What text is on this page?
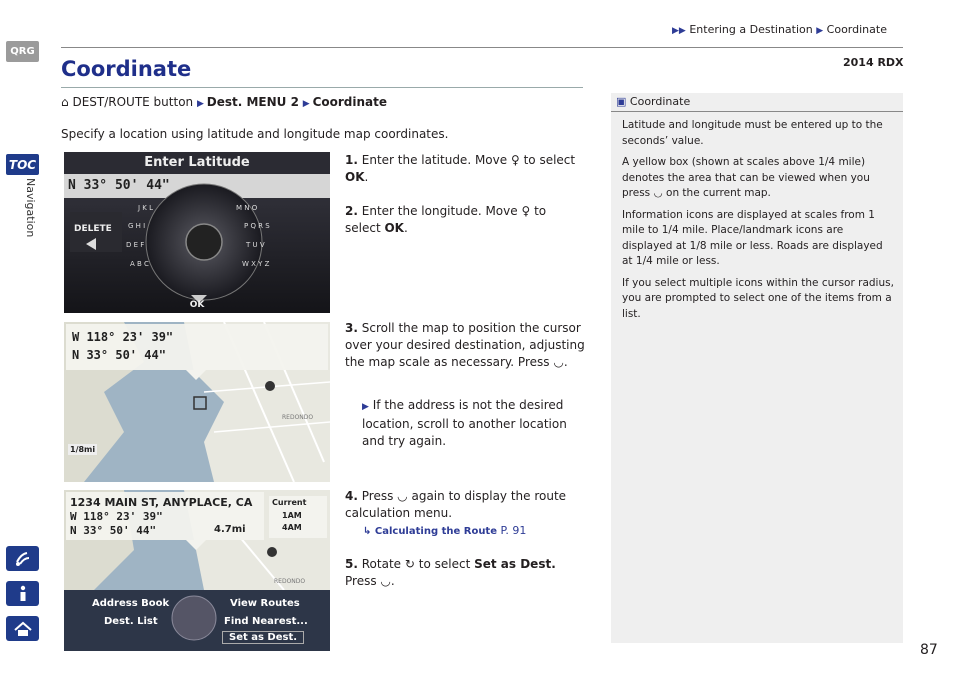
QRG
TOC
Navigation
▶▶ Entering a Destination ▶ Coordinate
2014 RDX
Coordinate
⌂ DEST/ROUTE button ▶ Dest. MENU 2 ▶ Coordinate
Specify a location using latitude and longitude map coordinates.
Enter Latitude
N 33° 50' 44"
DELETE
J K L
G H I
D E F
A B C
M N O
P Q R S
T U V
W X Y Z
OK
W 118° 23' 39"
N 33° 50' 44"
1/8mi
REDONDO
1234 MAIN ST, ANYPLACE, CA
W 118° 23' 39"
N 33° 50' 44"	4.7mi
Current
1AM
4AM
REDONDO
Address Book	View Routes
Dest. List	Find Nearest...
Set as Dest.
1. Enter the latitude. Move ♀ to select OK.
2. Enter the longitude. Move ♀ to select OK.
3. Scroll the map to position the cursor over your desired destination, adjusting the map scale as necessary. Press ◡.
▶ If the address is not the desired location, scroll to another location and try again.
4. Press ◡ again to display the route calculation menu.
↳ Calculating the Route P. 91
5. Rotate ↻ to select Set as Dest.
Press ◡.
▣ Coordinate

Latitude and longitude must be entered up to the seconds’ value.

A yellow box (shown at scales above 1/4 mile) denotes the area that can be viewed when you press ◡ on the current map.

Information icons are displayed at scales from 1 mile to 1/4 mile. Place/landmark icons are displayed at 1/8 mile or less. Roads are displayed at 1/4 mile or less.

If you select multiple icons within the cursor radius, you are prompted to select one of the items from a list.

87
